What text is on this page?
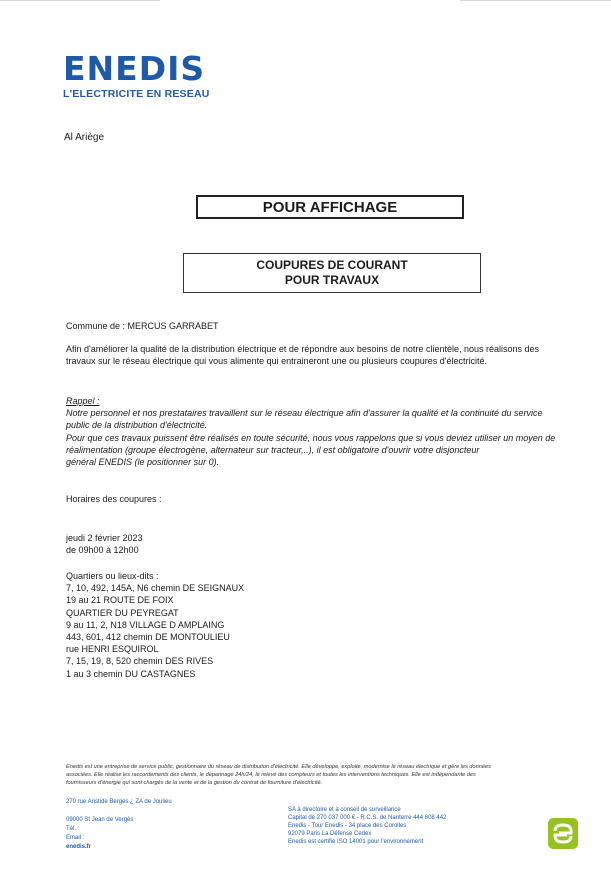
ENEDIS
L'ELECTRICITE EN RESEAU
Al Ariège
POUR AFFICHAGE
COUPURES DE COURANT
POUR TRAVAUX
Commune de : MERCUS GARRABET
Afin d'améliorer la qualité de la distribution électrique et de répondre aux besoins de notre clientèle, nous réalisons des
travaux sur le réseau électrique qui vous alimente qui entraineront une ou plusieurs coupures d'électricité.
Rappel :
Notre personnel et nos prestataires travaillent sur le réseau électrique afin d'assurer la qualité et la continuité du service
public de la distribution d'électricité.
Pour que ces travaux puissent être réalisés en toute sécurité, nous vous rappelons que si vous deviez utiliser un moyen de
réalimentation (groupe électrogène, alternateur sur tracteur,..), il est obligatoire d'ouvrir votre disjoncteur
général ENEDIS (le positionner sur 0).
Horaires des coupures :
jeudi 2 février 2023
de 09h00 à 12h00
Quartiers ou lieux-dits :
7, 10, 492, 145A, N6 chemin DE SEIGNAUX
19 au 21 ROUTE DE FOIX
QUARTIER DU PEYREGAT
9 au 11, 2, N18 VILLAGE D AMPLAING
443, 601, 412 chemin DE MONTOULIEU
rue HENRI ESQUIROL
7, 15, 19, 8, 520 chemin DES RIVES
1 au 3 chemin DU CASTAGNES
Enedis est une entreprise de service public, gestionnaire du réseau de distribution d'électricité. Elle développe, exploite, modernise le réseau électrique et gère les données
associées. Elle réalise les raccordements des clients, le dépannage 24h/24, le relevé des compteurs et toutes les interventions techniques. Elle est indépendante des
fournisseurs d'énergie qui sont chargés de la vente et de la gestion du contrat de fourniture d'électricité.
270 rue Aristide Berges ¿ ZA de Joulieu
09000 St Jean de Vergès
Tél. :
Email :
enedis.fr
SA à directoire et à conseil de surveillance
Capital de 270 037 000 € - R.C.S. de Nanterre 444 608 442
Enedis - Tour Enedis - 34 place des Corolles
92079 Paris La Défense Cedex
Enedis est certifié ISO 14001 pour l'environnement
